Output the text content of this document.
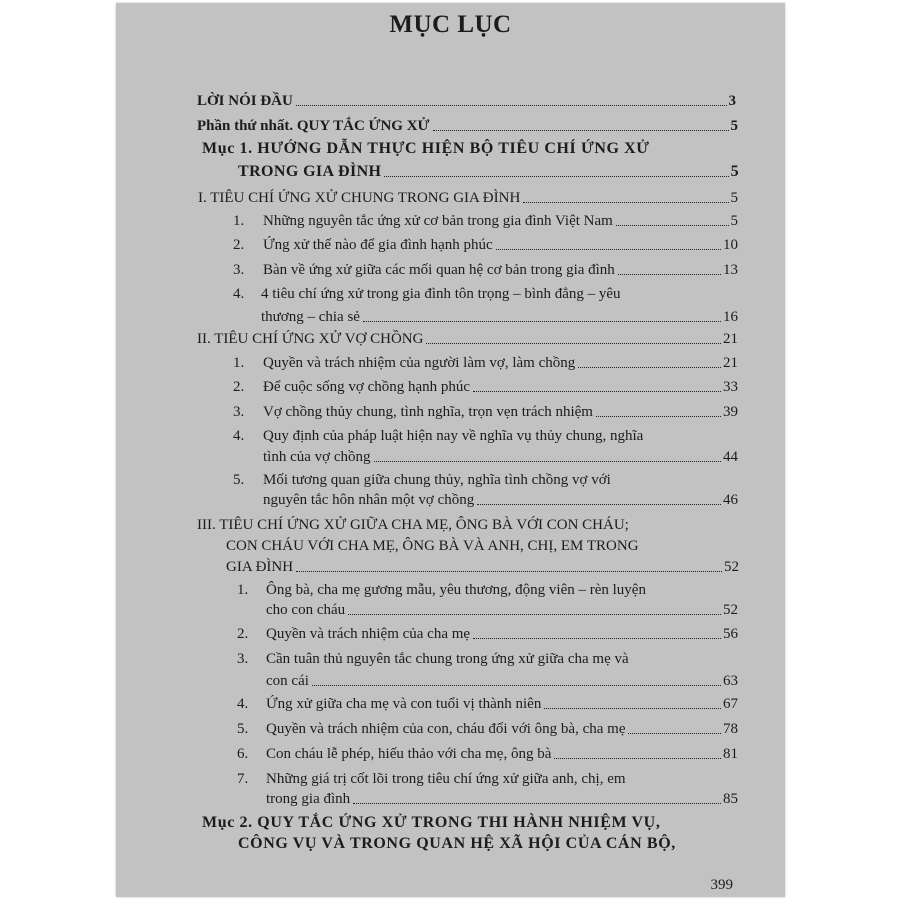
MỤC LỤC
LỜI NÓI ĐẦU	3
Phần thứ nhất. QUY TẮC ỨNG XỬ	5
Mục 1. HƯỚNG DẪN THỰC HIỆN BỘ TIÊU CHÍ ỨNG XỬ
TRONG GIA ĐÌNH	5
I. TIÊU CHÍ ỨNG XỬ CHUNG TRONG GIA ĐÌNH	5
1. Những nguyên tắc ứng xử cơ bản trong gia đình Việt Nam	5
2. Ứng xử thế nào để gia đình hạnh phúc	10
3. Bàn về ứng xử giữa các mối quan hệ cơ bản trong gia đình	13
4. 4 tiêu chí ứng xử trong gia đình tôn trọng – bình đẳng – yêu
thương – chia sẻ	16
II. TIÊU CHÍ ỨNG XỬ VỢ CHỒNG	21
1. Quyền và trách nhiệm của người làm vợ, làm chồng	21
2. Để cuộc sống vợ chồng hạnh phúc	33
3. Vợ chồng thủy chung, tình nghĩa, trọn vẹn trách nhiệm	39
4. Quy định của pháp luật hiện nay về nghĩa vụ thủy chung, nghĩa
tình của vợ chồng	44
5. Mối tương quan giữa chung thủy, nghĩa tình chồng vợ với
nguyên tắc hôn nhân một vợ chồng	46
III. TIÊU CHÍ ỨNG XỬ GIỮA CHA MẸ, ÔNG BÀ VỚI CON CHÁU;
CON CHÁU VỚI CHA MẸ, ÔNG BÀ VÀ ANH, CHỊ, EM TRONG
GIA ĐÌNH	52
1. Ông bà, cha mẹ gương mẫu, yêu thương, động viên – rèn luyện
cho con cháu	52
2. Quyền và trách nhiệm của cha mẹ	56
3. Cần tuân thủ nguyên tắc chung trong ứng xử giữa cha mẹ và
con cái	63
4. Ứng xử giữa cha mẹ và con tuổi vị thành niên	67
5. Quyền và trách nhiệm của con, cháu đối với ông bà, cha mẹ	78
6. Con cháu lễ phép, hiếu thảo với cha mẹ, ông bà	81
7. Những giá trị cốt lõi trong tiêu chí ứng xử giữa anh, chị, em
trong gia đình	85
Mục 2. QUY TẮC ỨNG XỬ TRONG THI HÀNH NHIỆM VỤ,
CÔNG VỤ VÀ TRONG QUAN HỆ XÃ HỘI CỦA CÁN BỘ,
399
